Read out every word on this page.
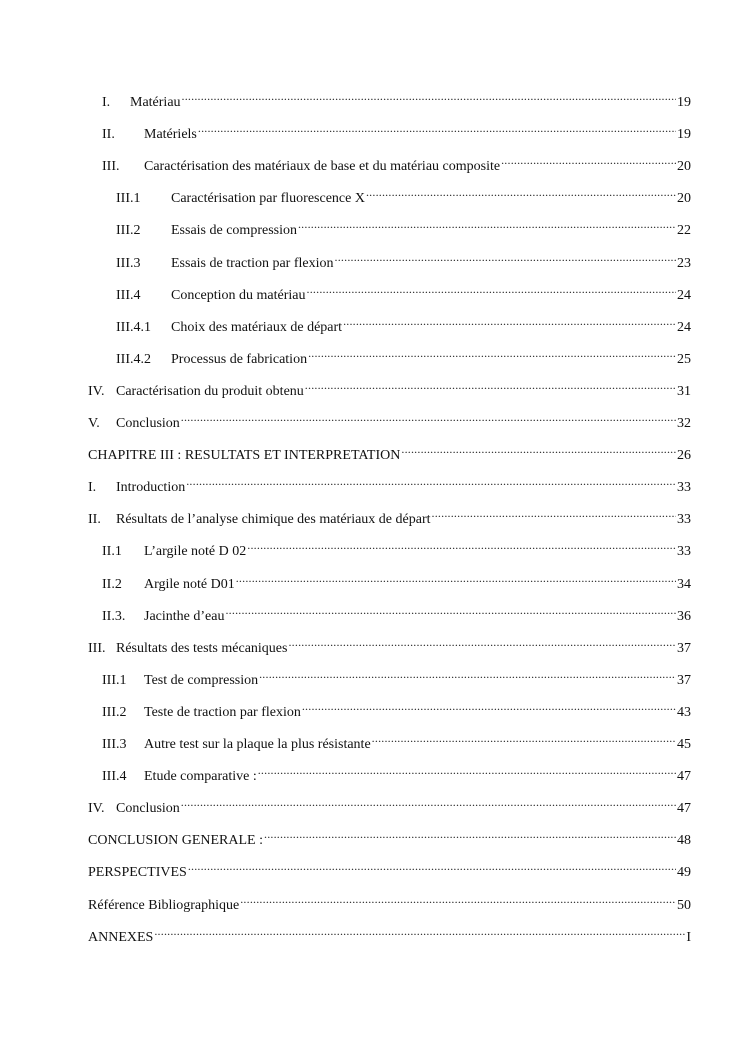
I.	Matériau .....	19
II.	Matériels .....	19
III.	Caractérisation des matériaux de base et du matériau composite .....	20
III.1	Caractérisation par fluorescence X .....	20
III.2	Essais de compression .....	22
III.3	Essais de traction par flexion .....	23
III.4	Conception du matériau .....	24
III.4.1	Choix des matériaux de départ .....	24
III.4.2	Processus de fabrication .....	25
IV. Caractérisation du produit obtenu .....	31
V.	Conclusion .....	32
CHAPITRE III : RESULTATS ET INTERPRETATION .....	26
I.	Introduction .....	33
II.	Résultats de l’analyse chimique des matériaux de départ .....	33
II.1	L’argile noté D 02 .....	33
II.2	Argile noté D01 .....	34
II.3.	Jacinthe d’eau .....	36
III. Résultats des tests mécaniques .....	37
III.1	Test de compression .....	37
III.2	Teste de traction par flexion .....	43
III.3	Autre test sur la plaque la plus résistante .....	45
III.4	Etude comparative : .....	47
IV. Conclusion .....	47
CONCLUSION GENERALE : .....	48
PERSPECTIVES .....	49
Référence Bibliographique .....	50
ANNEXES .....	I
